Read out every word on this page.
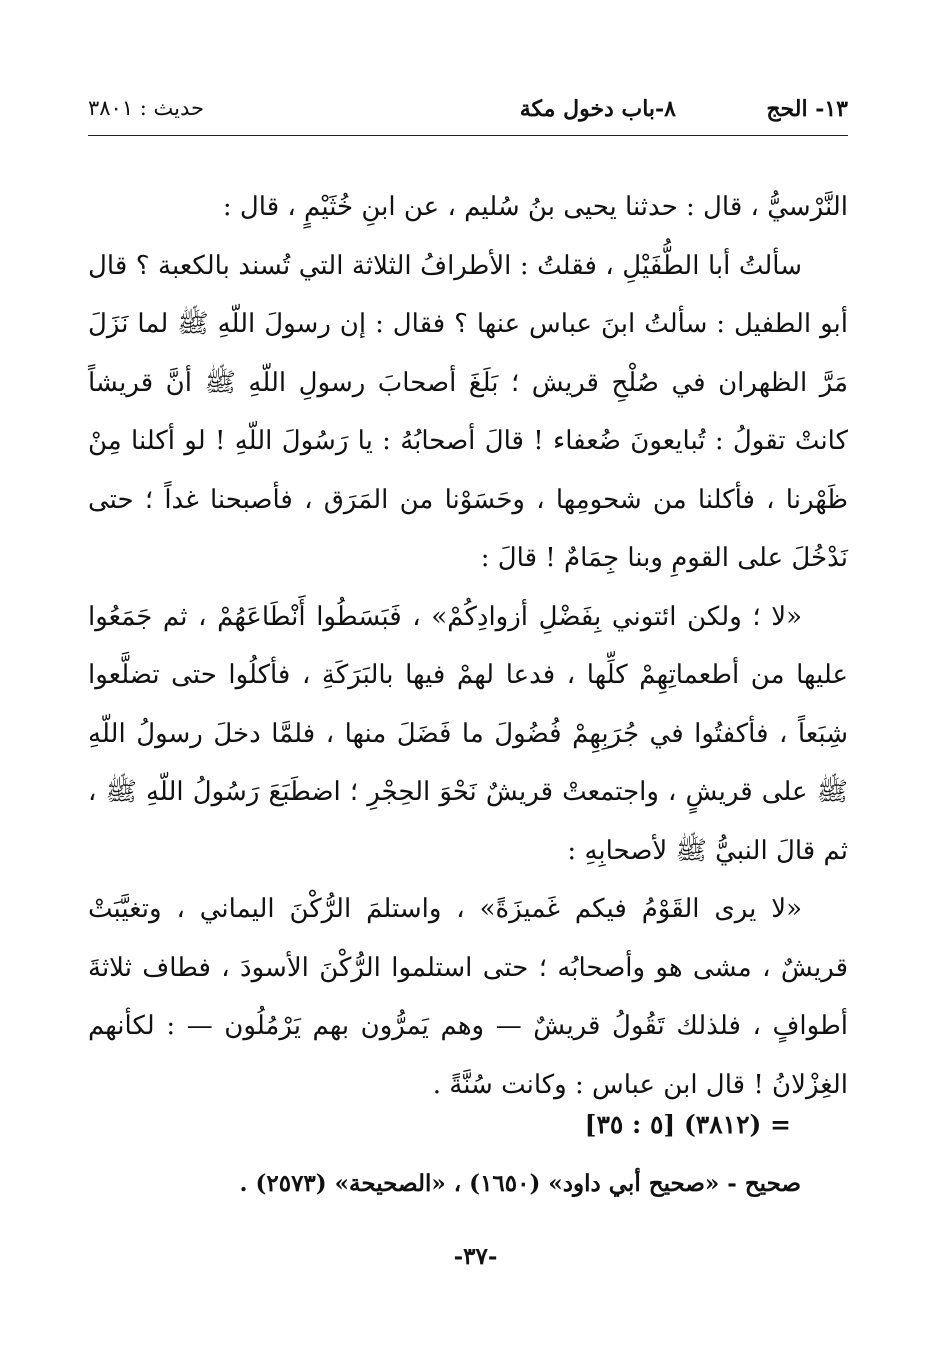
١٣- الحج
٨-باب دخول مكة
حديث : ٣٨٠١

النَّرْسيُّ ، قال : حدثنا يحيى بنُ سُليم ، عن ابنِ خُثَيْمٍ ، قال :

سألتُ أبا الطُّفَيْلِ ، فقلتُ : الأطرافُ الثلاثة التي تُسند بالكعبة ؟ قال أبو الطفيل : سألتُ ابنَ عباس عنها ؟ فقال : إن رسولَ اللّهِ ﷺ لما نَزَلَ مَرَّ الظهران في صُلْحِ قريش ؛ بَلَغَ أصحابَ رسولِ اللّهِ ﷺ أنَّ قريشاً كانتْ تقولُ : تُبايعونَ ضُعفاء ! قالَ أصحابُهُ : يا رَسُولَ اللّهِ ! لو أكلنا مِنْ ظَهْرنا ، فأكلنا من شحومِها ، وحَسَوْنا من المَرَق ، فأصبحنا غداً ؛ حتى نَدْخُلَ على القومِ وبنا جِمَامٌ ! قالَ :

«لا ؛ ولكن ائتوني بِفَضْلِ أزوادِكُمْ» ، فَبَسَطُوا أَنْطَاعَهُمْ ، ثم جَمَعُوا عليها من أطعماتِهِمْ كلِّها ، فدعا لهمْ فيها بالبَرَكَةِ ، فأكلُوا حتى تضلَّعوا شِبَعاً ، فأكفتُوا في جُرَبِهِمْ فُضُولَ ما فَضَلَ منها ، فلمَّا دخلَ رسولُ اللّهِ ﷺ على قريشٍ ، واجتمعتْ قريشٌ نَحْوَ الحِجْرِ ؛ اضطَبَعَ رَسُولُ اللّهِ ﷺ ، ثم قالَ النبيُّ ﷺ لأصحابِهِ :

«لا يرى القَوْمُ فيكم غَميزَةً» ، واستلمَ الرُّكْنَ اليماني ، وتغيَّبَتْ قريشٌ ، مشى هو وأصحابُه ؛ حتى استلموا الرُّكْنَ الأسودَ ، فطاف ثلاثةَ أطوافٍ ، فلذلك تَقُولُ قريشٌ — وهم يَمرُّون بهم يَرْمُلُون — : لكأنهم الغِزْلانُ ! قال ابن عباس : وكانت سُنَّةً .

= (٣٨١٢) [٥ : ٣٥]
صحيح - «صحيح أبي داود» (١٦٥٠) ، «الصحيحة» (٢٥٧٣) .
-٣٧-
